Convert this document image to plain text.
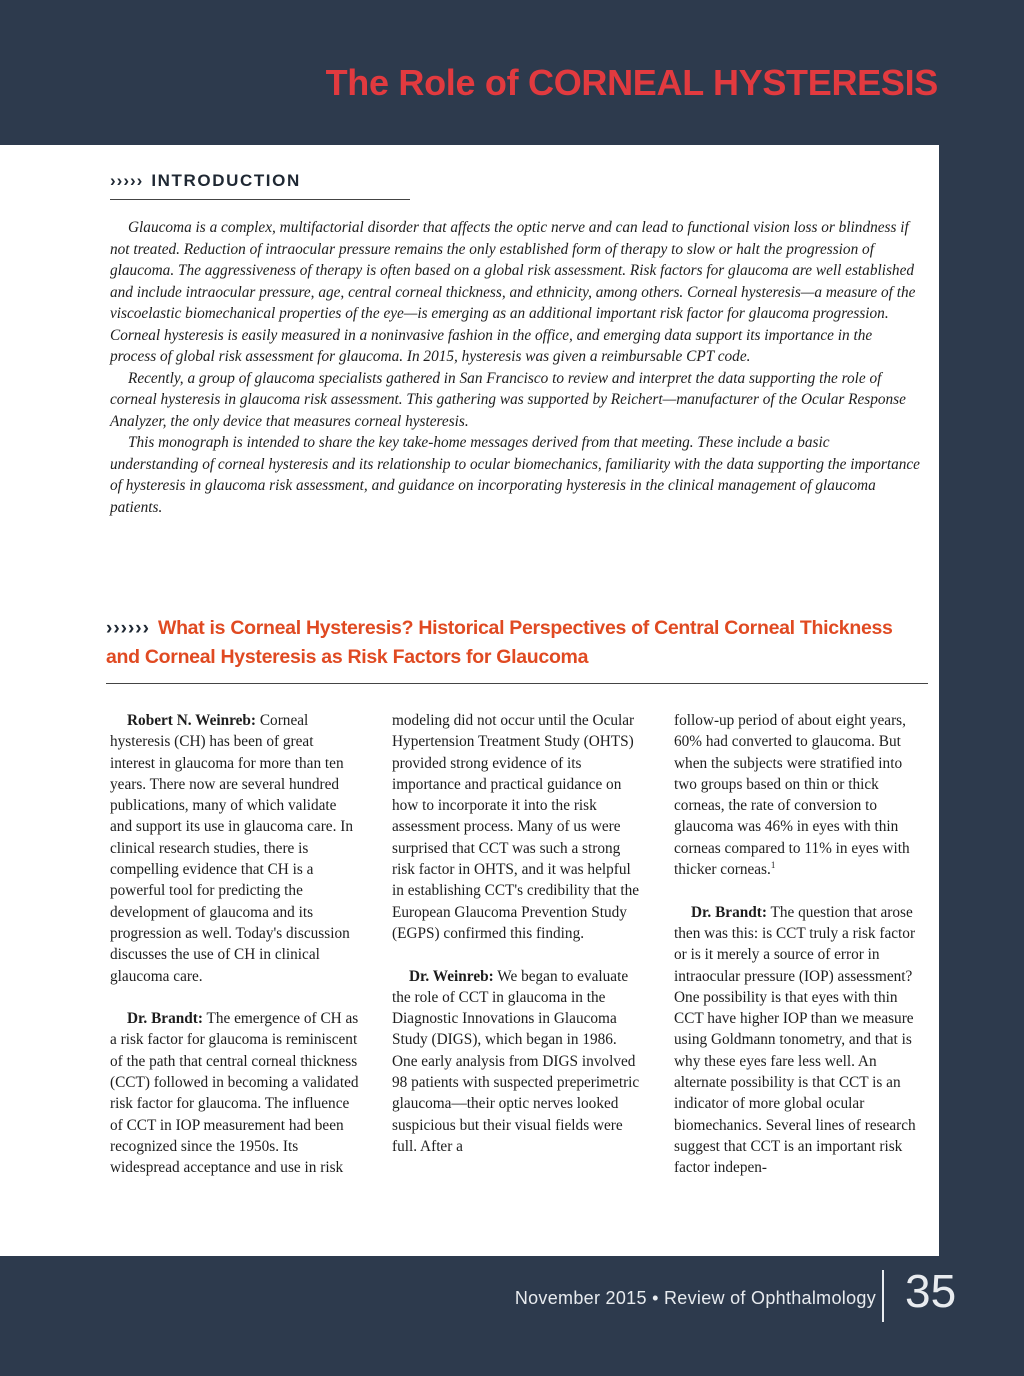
The Role of CORNEAL HYSTERESIS
››››› INTRODUCTION

Glaucoma is a complex, multifactorial disorder that affects the optic nerve and can lead to functional vision loss or blindness if not treated. Reduction of intraocular pressure remains the only established form of therapy to slow or halt the progression of glaucoma. The aggressiveness of therapy is often based on a global risk assessment. Risk factors for glaucoma are well established and include intraocular pressure, age, central corneal thickness, and ethnicity, among others. Corneal hysteresis—a measure of the viscoelastic biomechanical properties of the eye—is emerging as an additional important risk factor for glaucoma progression. Corneal hysteresis is easily measured in a noninvasive fashion in the office, and emerging data support its importance in the process of global risk assessment for glaucoma. In 2015, hysteresis was given a reimbursable CPT code.

Recently, a group of glaucoma specialists gathered in San Francisco to review and interpret the data supporting the role of corneal hysteresis in glaucoma risk assessment. This gathering was supported by Reichert—manufacturer of the Ocular Response Analyzer, the only device that measures corneal hysteresis.

This monograph is intended to share the key take-home messages derived from that meeting. These include a basic understanding of corneal hysteresis and its relationship to ocular biomechanics, familiarity with the data supporting the importance of hysteresis in glaucoma risk assessment, and guidance on incorporating hysteresis in the clinical management of glaucoma patients.

›››››› What is Corneal Hysteresis? Historical Perspectives of Central Corneal Thickness and Corneal Hysteresis as Risk Factors for Glaucoma

Robert N. Weinreb: Corneal hysteresis (CH) has been of great interest in glaucoma for more than ten years. There now are several hundred publications, many of which validate and support its use in glaucoma care. In clinical research studies, there is compelling evidence that CH is a powerful tool for predicting the development of glaucoma and its progression as well. Today's discussion discusses the use of CH in clinical glaucoma care.

Dr. Brandt: The emergence of CH as a risk factor for glaucoma is reminiscent of the path that central corneal thickness (CCT) followed in becoming a validated risk factor for glaucoma. The influence of CCT in IOP measurement had been recognized since the 1950s. Its widespread acceptance and use in risk

modeling did not occur until the Ocular Hypertension Treatment Study (OHTS) provided strong evidence of its importance and practical guidance on how to incorporate it into the risk assessment process. Many of us were surprised that CCT was such a strong risk factor in OHTS, and it was helpful in establishing CCT's credibility that the European Glaucoma Prevention Study (EGPS) confirmed this finding.

Dr. Weinreb: We began to evaluate the role of CCT in glaucoma in the Diagnostic Innovations in Glaucoma Study (DIGS), which began in 1986. One early analysis from DIGS involved 98 patients with suspected preperimetric glaucoma—their optic nerves looked suspicious but their visual fields were full. After a

follow-up period of about eight years, 60% had converted to glaucoma. But when the subjects were stratified into two groups based on thin or thick corneas, the rate of conversion to glaucoma was 46% in eyes with thin corneas compared to 11% in eyes with thicker corneas.$^1$

Dr. Brandt: The question that arose then was this: is CCT truly a risk factor or is it merely a source of error in intraocular pressure (IOP) assessment? One possibility is that eyes with thin CCT have higher IOP than we measure using Goldmann tonometry, and that is why these eyes fare less well. An alternate possibility is that CCT is an indicator of more global ocular biomechanics. Several lines of research suggest that CCT is an important risk factor indepen-

November 2015 • Review of Ophthalmology 35
